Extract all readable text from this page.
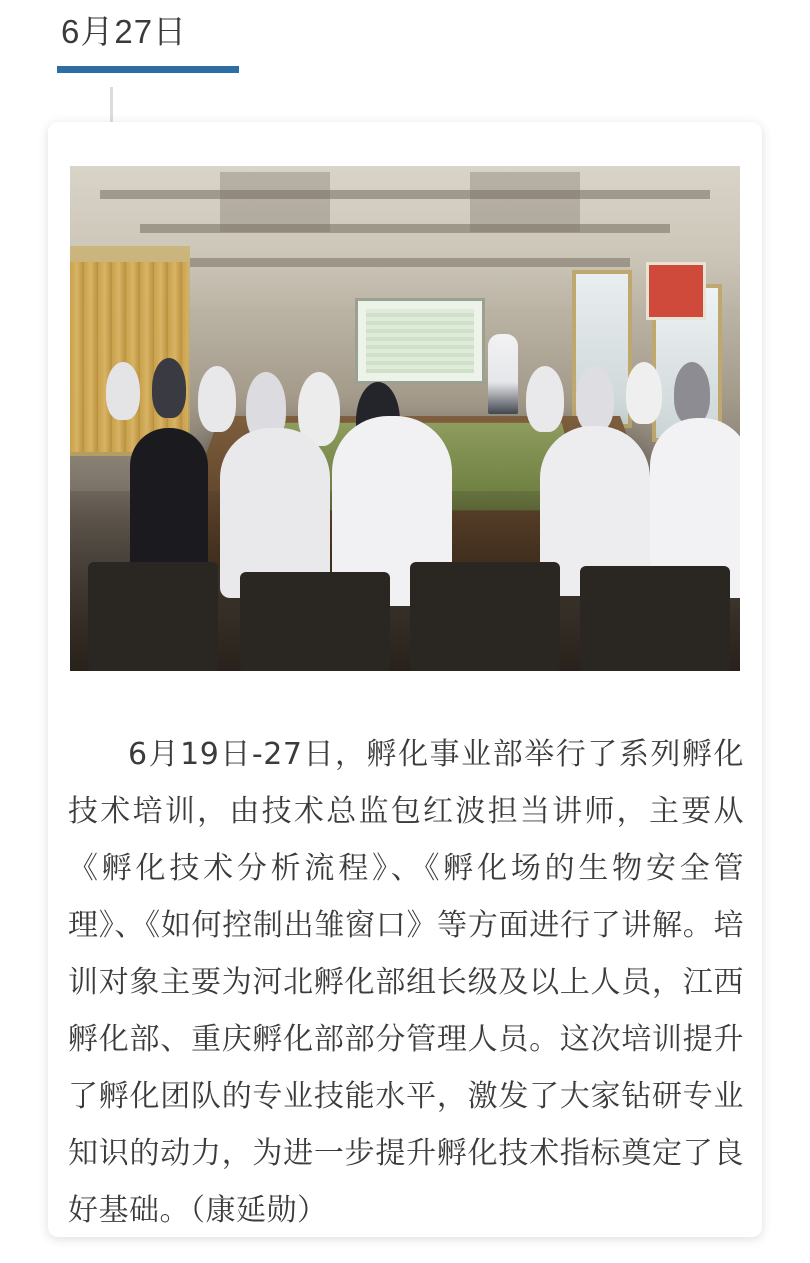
6月27日

6月19日-27日，孵化事业部举行了系列孵化技术培训，由技术总监包红波担当讲师，主要从《孵化技术分析流程》、《孵化场的生物安全管理》、《如何控制出雏窗口》等方面进行了讲解。培训对象主要为河北孵化部组长级及以上人员，江西孵化部、重庆孵化部部分管理人员。这次培训提升了孵化团队的专业技能水平，激发了大家钻研专业知识的动力，为进一步提升孵化技术指标奠定了良好基础。（康延勋）
